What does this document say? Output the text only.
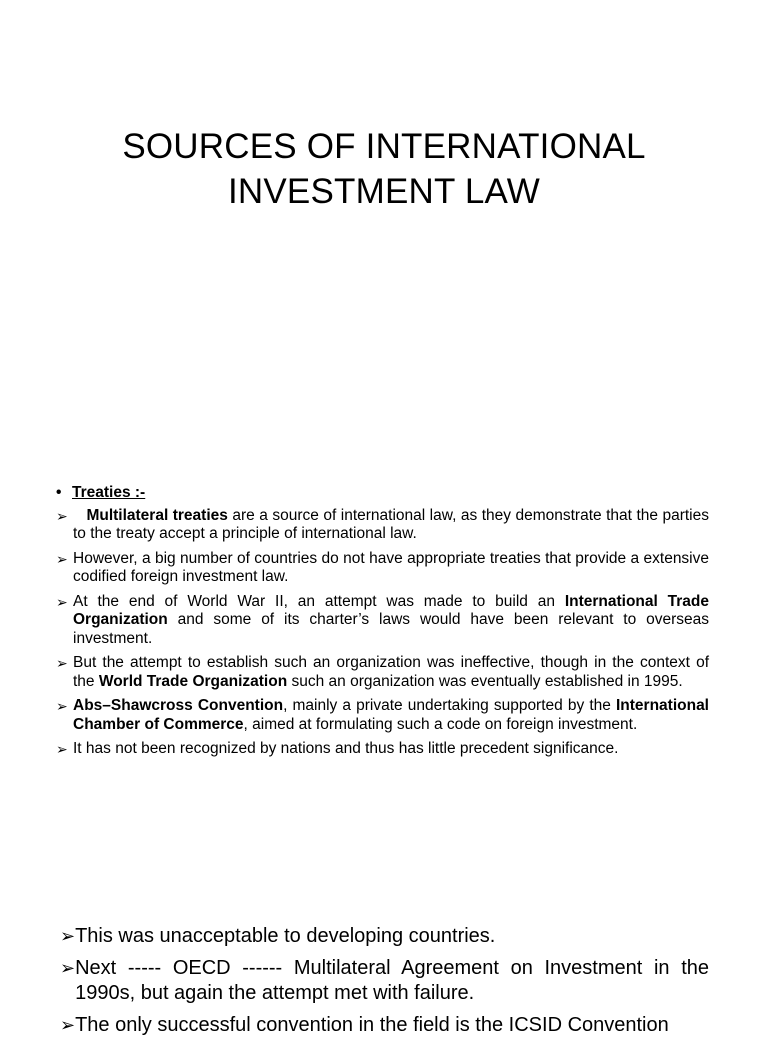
SOURCES OF INTERNATIONAL
INVESTMENT LAW
• Treaties :-
➢	Multilateral treaties are a source of international law, as they demonstrate that the parties to the treaty accept a principle of international law.
➢ However, a big number of countries do not have appropriate treaties that provide a extensive codified foreign investment law.
➢ At the end of World War II, an attempt was made to build an International Trade Organization and some of its charter’s laws would have been relevant to overseas investment.
➢ But the attempt to establish such an organization was ineffective, though in the context of the World Trade Organization such an organization was eventually established in 1995.
➢ Abs–Shawcross Convention, mainly a private undertaking supported by the International Chamber of Commerce, aimed at formulating such a code on foreign investment.
➢ It has not been recognized by nations and thus has little precedent significance.
➢ This was unacceptable to developing countries.
➢ Next ----- OECD ------ Multilateral Agreement on Investment in the 1990s, but again the attempt met with failure.
➢ The only successful convention in the field is the ICSID Convention
